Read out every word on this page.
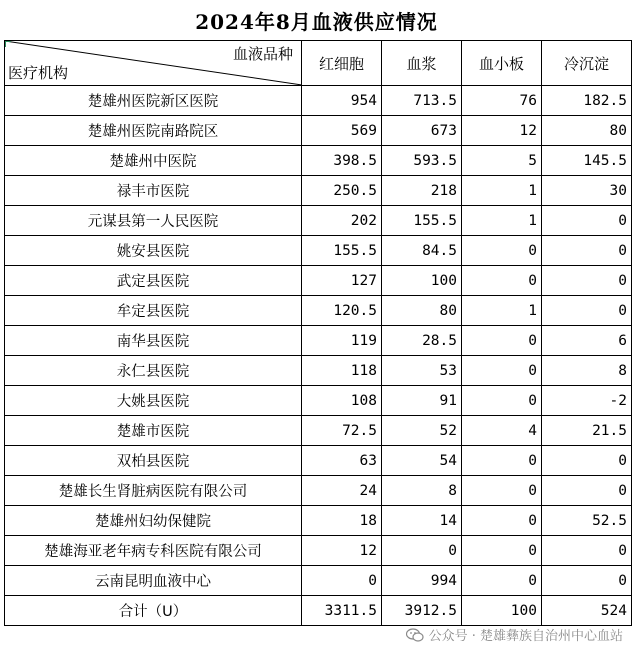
2024年8月血液供应情况
血液品种
医疗机构	红细胞	血浆	血小板	冷沉淀
楚雄州医院新区医院	954	713.5	76	182.5
楚雄州医院南路院区	569	673	12	80
楚雄州中医院	398.5	593.5	5	145.5
禄丰市医院	250.5	218	1	30
元谋县第一人民医院	202	155.5	1	0
姚安县医院	155.5	84.5	0	0
武定县医院	127	100	0	0
牟定县医院	120.5	80	1	0
南华县医院	119	28.5	0	6
永仁县医院	118	53	0	8
大姚县医院	108	91	0	-2
楚雄市医院	72.5	52	4	21.5
双柏县医院	63	54	0	0
楚雄长生肾脏病医院有限公司	24	8	0	0
楚雄州妇幼保健院	18	14	0	52.5
楚雄海亚老年病专科医院有限公司	12	0	0	0
云南昆明血液中心	0	994	0	0
合计（U）	3311.5	3912.5	100	524
公众号 · 楚雄彝族自治州中心血站
